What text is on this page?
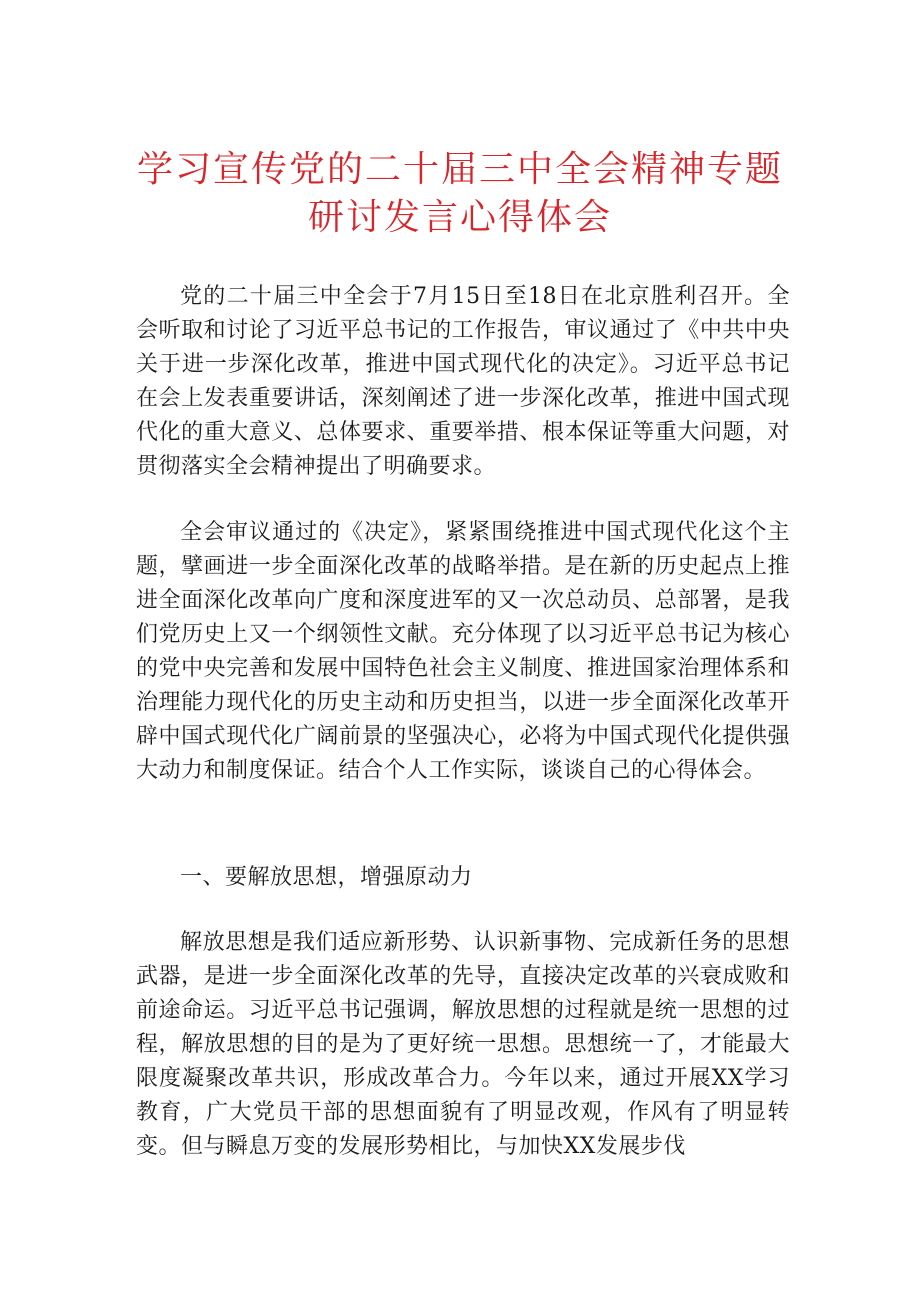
学习宣传党的二十届三中全会精神专题
研讨发言心得体会

党的二十届三中全会于7月15日至18日在北京胜利召开。全会听取和讨论了习近平总书记的工作报告，审议通过了《中共中央关于进一步深化改革，推进中国式现代化的决定》。习近平总书记在会上发表重要讲话，深刻阐述了进一步深化改革，推进中国式现代化的重大意义、总体要求、重要举措、根本保证等重大问题，对贯彻落实全会精神提出了明确要求。

全会审议通过的《决定》，紧紧围绕推进中国式现代化这个主题，擘画进一步全面深化改革的战略举措。是在新的历史起点上推进全面深化改革向广度和深度进军的又一次总动员、总部署，是我们党历史上又一个纲领性文献。充分体现了以习近平总书记为核心的党中央完善和发展中国特色社会主义制度、推进国家治理体系和治理能力现代化的历史主动和历史担当，以进一步全面深化改革开辟中国式现代化广阔前景的坚强决心，必将为中国式现代化提供强大动力和制度保证。结合个人工作实际，谈谈自己的心得体会。

一、要解放思想，增强原动力

解放思想是我们适应新形势、认识新事物、完成新任务的思想武器，是进一步全面深化改革的先导，直接决定改革的兴衰成败和前途命运。习近平总书记强调，解放思想的过程就是统一思想的过程，解放思想的目的是为了更好统一思想。思想统一了，才能最大限度凝聚改革共识，形成改革合力。今年以来，通过开展XX学习教育，广大党员干部的思想面貌有了明显改观，作风有了明显转变。但与瞬息万变的发展形势相比，与加快XX发展步伐
